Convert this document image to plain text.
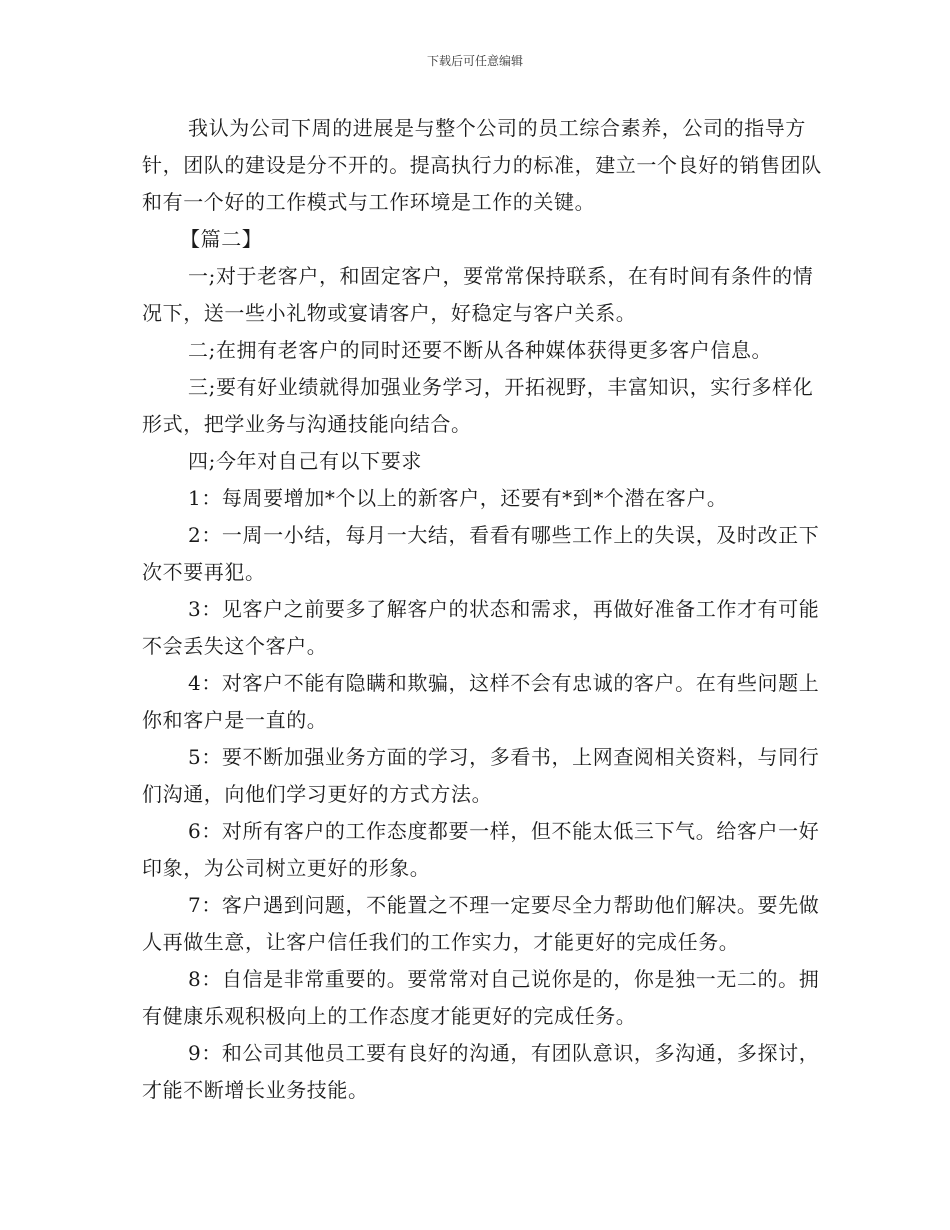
下载后可任意编辑

我认为公司下周的进展是与整个公司的员工综合素养，公司的指导方针，团队的建设是分不开的。提高执行力的标准，建立一个良好的销售团队和有一个好的工作模式与工作环境是工作的关键。

【篇二】

一;对于老客户，和固定客户，要常常保持联系，在有时间有条件的情况下，送一些小礼物或宴请客户，好稳定与客户关系。

二;在拥有老客户的同时还要不断从各种媒体获得更多客户信息。

三;要有好业绩就得加强业务学习，开拓视野，丰富知识，实行多样化形式，把学业务与沟通技能向结合。

四;今年对自己有以下要求

1：每周要增加*个以上的新客户，还要有*到*个潜在客户。

2：一周一小结，每月一大结，看看有哪些工作上的失误，及时改正下次不要再犯。

3：见客户之前要多了解客户的状态和需求，再做好准备工作才有可能不会丢失这个客户。

4：对客户不能有隐瞒和欺骗，这样不会有忠诚的客户。在有些问题上你和客户是一直的。

5：要不断加强业务方面的学习，多看书，上网查阅相关资料，与同行们沟通，向他们学习更好的方式方法。

6：对所有客户的工作态度都要一样，但不能太低三下气。给客户一好印象，为公司树立更好的形象。

7：客户遇到问题，不能置之不理一定要尽全力帮助他们解决。要先做人再做生意，让客户信任我们的工作实力，才能更好的完成任务。

8：自信是非常重要的。要常常对自己说你是的，你是独一无二的。拥有健康乐观积极向上的工作态度才能更好的完成任务。

9：和公司其他员工要有良好的沟通，有团队意识，多沟通，多探讨，才能不断增长业务技能。
